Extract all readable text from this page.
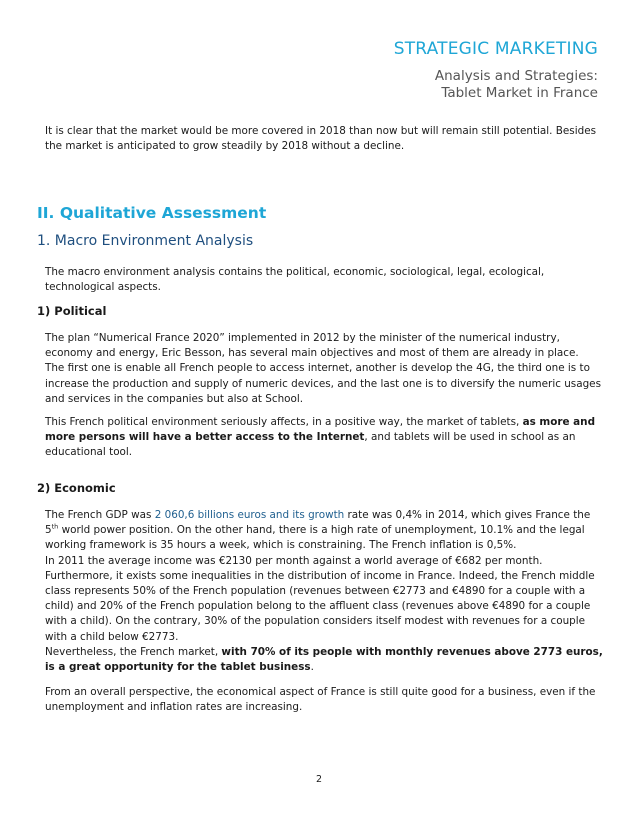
STRATEGIC MARKETING

Analysis and Strategies:
Tablet Market in France

It is clear that the market would be more covered in 2018 than now but will remain still potential. Besides the market is anticipated to grow steadily by 2018 without a decline.

II. Qualitative Assessment

1. Macro Environment Analysis

The macro environment analysis contains the political, economic, sociological, legal, ecological, technological aspects.

1) Political

The plan “Numerical France 2020” implemented in 2012 by the minister of the numerical industry, economy and energy, Eric Besson, has several main objectives and most of them are already in place.

The first one is enable all French people to access internet, another is develop the 4G, the third one is to increase the production and supply of numeric devices, and the last one is to diversify the numeric usages and services in the companies but also at School.

This French political environment seriously affects, in a positive way, the market of tablets, as more and more persons will have a better access to the Internet, and tablets will be used in school as an educational tool.

2) Economic

The French GDP was 2 060,6 billions euros and its growth rate was 0,4% in 2014, which gives France the 5th world power position. On the other hand, there is a high rate of unemployment, 10.1% and the legal working framework is 35 hours a week, which is constraining. The French inflation is 0,5%.

In 2011 the average income was €2130 per month against a world average of €682 per month. Furthermore, it exists some inequalities in the distribution of income in France. Indeed, the French middle class represents 50% of the French population (revenues between €2773 and €4890 for a couple with a child) and 20% of the French population belong to the affluent class (revenues above €4890 for a couple with a child). On the contrary, 30% of the population considers itself modest with revenues for a couple with a child below €2773.

Nevertheless, the French market, with 70% of its people with monthly revenues above 2773 euros, is a great opportunity for the tablet business.

From an overall perspective, the economical aspect of France is still quite good for a business, even if the unemployment and inflation rates are increasing.

2
